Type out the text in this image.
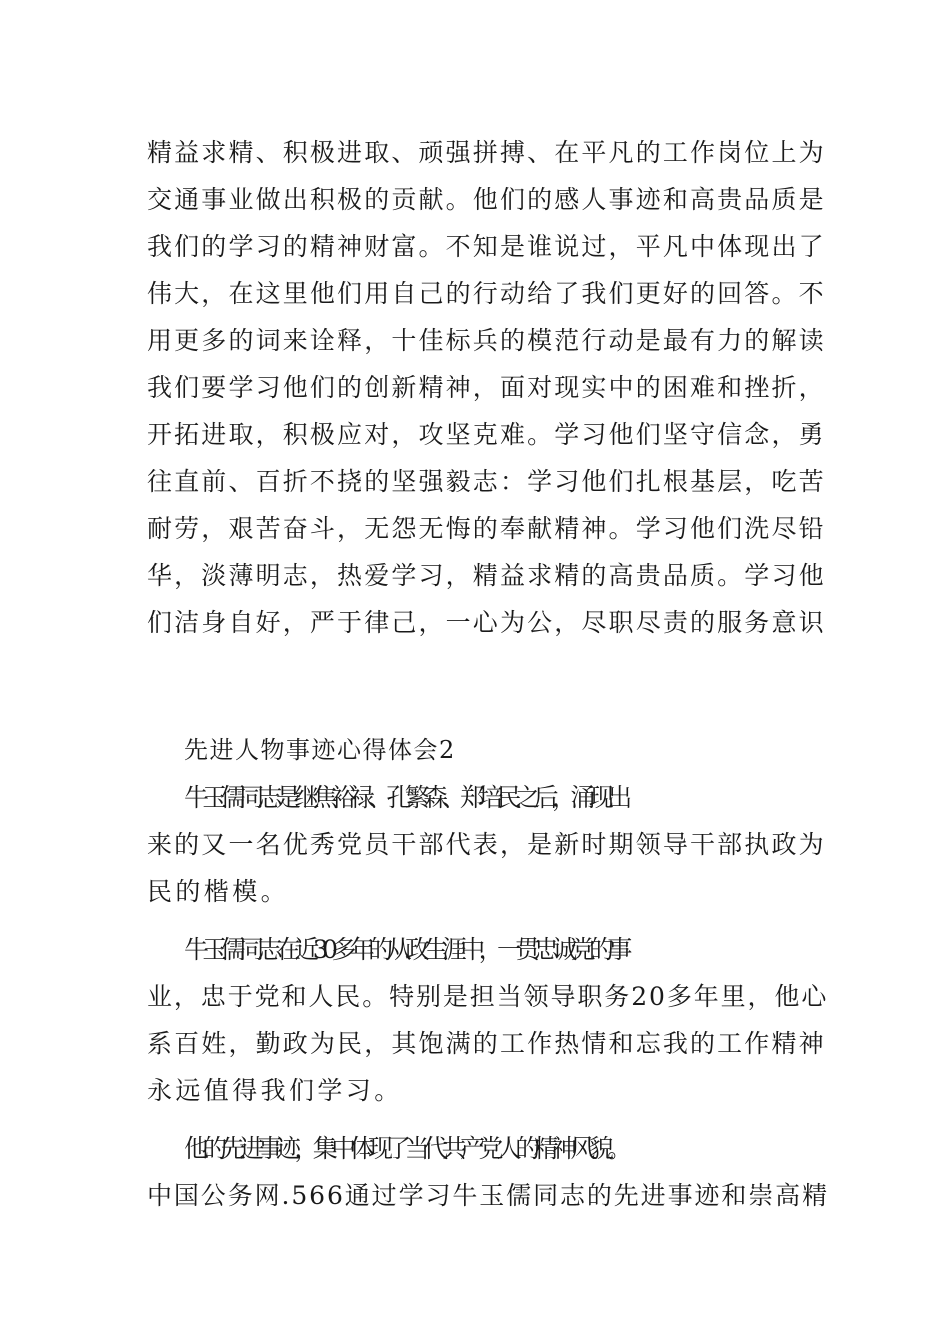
精益求精、积极进取、顽强拼搏、在平凡的工作岗位上为
交通事业做出积极的贡献。他们的感人事迹和高贵品质是
我们的学习的精神财富。不知是谁说过，平凡中体现出了
伟大，在这里他们用自己的行动给了我们更好的回答。不
用更多的词来诠释，十佳标兵的模范行动是最有力的解读
我们要学习他们的创新精神，面对现实中的困难和挫折，
开拓进取，积极应对，攻坚克难。学习他们坚守信念，勇
往直前、百折不挠的坚强毅志：学习他们扎根基层，吃苦
耐劳，艰苦奋斗，无怨无悔的奉献精神。学习他们洗尽铅
华，淡薄明志，热爱学习，精益求精的高贵品质。学习他
们洁身自好，严于律己，一心为公，尽职尽责的服务意识
先进人物事迹心得体会2
牛玉儒同志是继焦裕禄、孔繁森、郑培民之后，涌现出
来的又一名优秀党员干部代表，是新时期领导干部执政为
民的楷模。
牛玉儒同志在近30多年的从政生涯中，一贯忠诚党的事
业，忠于党和人民。特别是担当领导职务20多年里，他心
系百姓，勤政为民，其饱满的工作热情和忘我的工作精神
永远值得我们学习。
他的先进事迹，集中体现了当代共产党人的精神风貌。
中国公务网.566通过学习牛玉儒同志的先进事迹和崇高精
